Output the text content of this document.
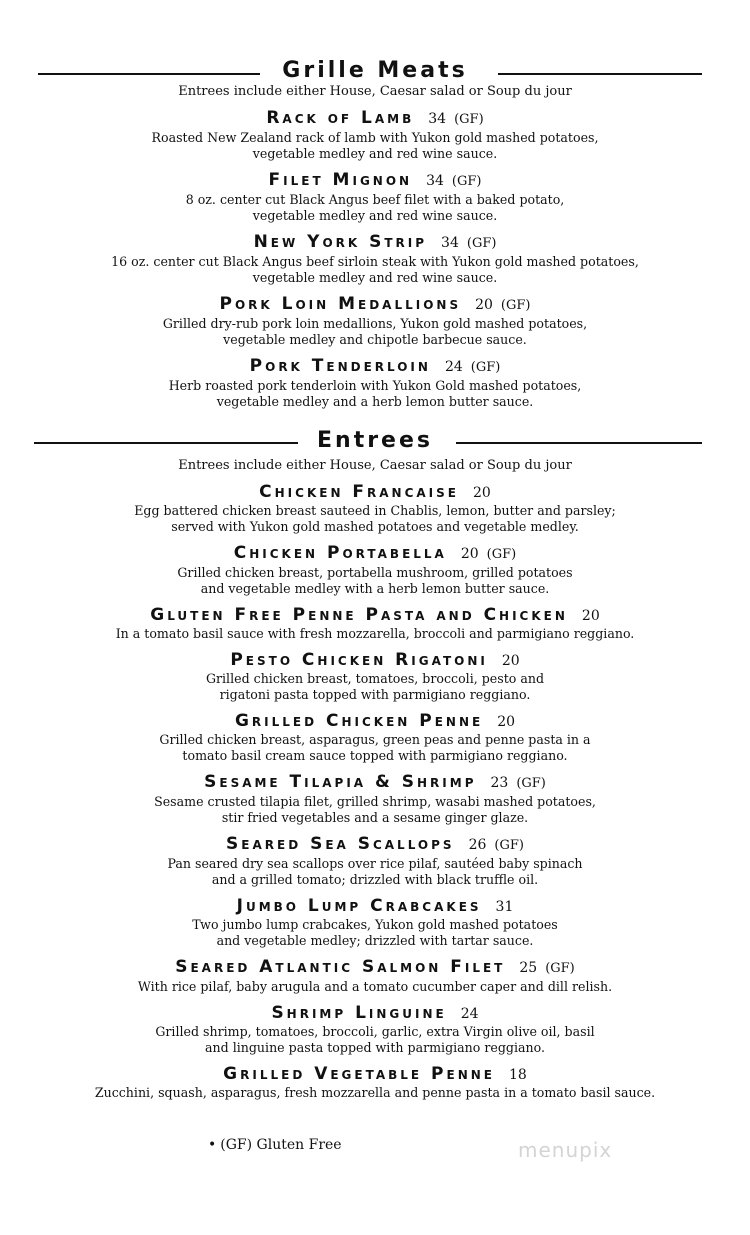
Grille Meats
Entrees include either House, Caesar salad or Soup du jour
Rack of Lamb 34 (GF)
Roasted New Zealand rack of lamb with Yukon gold mashed potatoes,
vegetable medley and red wine sauce.
Filet Mignon 34 (GF)
8 oz. center cut Black Angus beef filet with a baked potato,
vegetable medley and red wine sauce.
New York Strip 34 (GF)
16 oz. center cut Black Angus beef sirloin steak with Yukon gold mashed potatoes,
vegetable medley and red wine sauce.
Pork Loin Medallions 20 (GF)
Grilled dry-rub pork loin medallions, Yukon gold mashed potatoes,
vegetable medley and chipotle barbecue sauce.
Pork Tenderloin 24 (GF)
Herb roasted pork tenderloin with Yukon Gold mashed potatoes,
vegetable medley and a herb lemon butter sauce.
Entrees
Entrees include either House, Caesar salad or Soup du jour
Chicken Francaise 20
Egg battered chicken breast sauteed in Chablis, lemon, butter and parsley;
served with Yukon gold mashed potatoes and vegetable medley.
Chicken Portabella 20 (GF)
Grilled chicken breast, portabella mushroom, grilled potatoes
and vegetable medley with a herb lemon butter sauce.
Gluten Free Penne Pasta and Chicken 20
In a tomato basil sauce with fresh mozzarella, broccoli and parmigiano reggiano.
Pesto Chicken Rigatoni 20
Grilled chicken breast, tomatoes, broccoli, pesto and
rigatoni pasta topped with parmigiano reggiano.
Grilled Chicken Penne 20
Grilled chicken breast, asparagus, green peas and penne pasta in a
tomato basil cream sauce topped with parmigiano reggiano.
Sesame Tilapia & Shrimp 23 (GF)
Sesame crusted tilapia filet, grilled shrimp, wasabi mashed potatoes,
stir fried vegetables and a sesame ginger glaze.
Seared Sea Scallops 26 (GF)
Pan seared dry sea scallops over rice pilaf, sautéed baby spinach
and a grilled tomato; drizzled with black truffle oil.
Jumbo Lump Crabcakes 31
Two jumbo lump crabcakes, Yukon gold mashed potatoes
and vegetable medley; drizzled with tartar sauce.
Seared Atlantic Salmon Filet 25 (GF)
With rice pilaf, baby arugula and a tomato cucumber caper and dill relish.
Shrimp Linguine 24
Grilled shrimp, tomatoes, broccoli, garlic, extra Virgin olive oil, basil
and linguine pasta topped with parmigiano reggiano.
Grilled Vegetable Penne 18
Zucchini, squash, asparagus, fresh mozzarella and penne pasta in a tomato basil sauce.
• (GF) Gluten Free	menupix
